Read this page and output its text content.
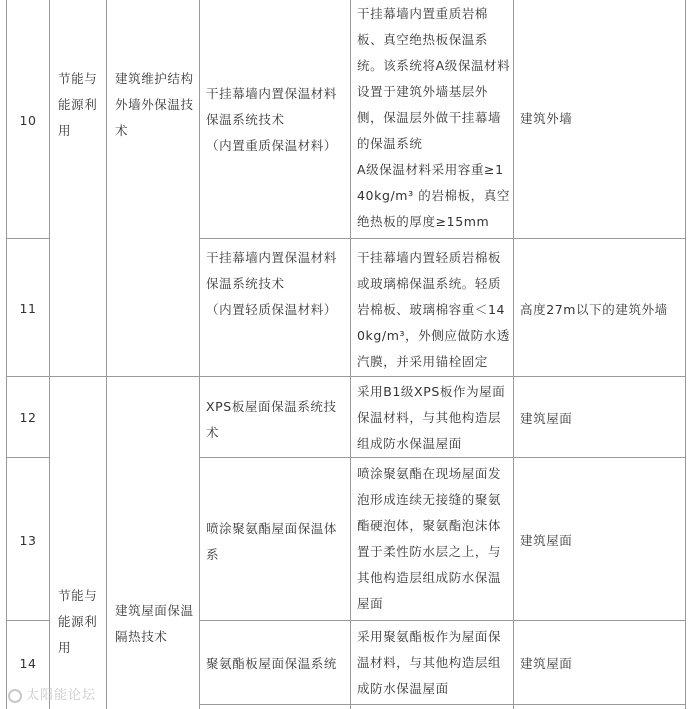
10
节能与
能源利
用
建筑维护结构
外墙外保温技
术
干挂幕墙内置保温材料
保温系统技术
（内置重质保温材料）
干挂幕墙内置重质岩棉
板、真空绝热板保温系
统。该系统将A级保温材料
设置于建筑外墙基层外
侧，保温层外做干挂幕墙
的保温系统
A级保温材料采用容重≥1
40kg/m³ 的岩棉板，真空
绝热板的厚度≥15mm
建筑外墙
11
干挂幕墙内置保温材料
保温系统技术
（内置轻质保温材料）
干挂幕墙内置轻质岩棉板
或玻璃棉保温系统。轻质
岩棉板、玻璃棉容重＜14
0kg/m³，外侧应做防水透
汽膜，并采用锚栓固定
高度27m以下的建筑外墙
12
XPS板屋面保温系统技
术
采用B1级XPS板作为屋面
保温材料，与其他构造层
组成防水保温屋面
建筑屋面
13
节能与
能源利
用
建筑屋面保温
隔热技术
喷涂聚氨酯屋面保温体
系
喷涂聚氨酯在现场屋面发
泡形成连续无接缝的聚氨
酯硬泡体，聚氨酯泡沫体
置于柔性防水层之上，与
其他构造层组成防水保温
屋面
建筑屋面
14	聚氨酯板屋面保温系统
采用聚氨酯板作为屋面保
温材料，与其他构造层组
成防水保温屋面
建筑屋面
太阳能论坛
